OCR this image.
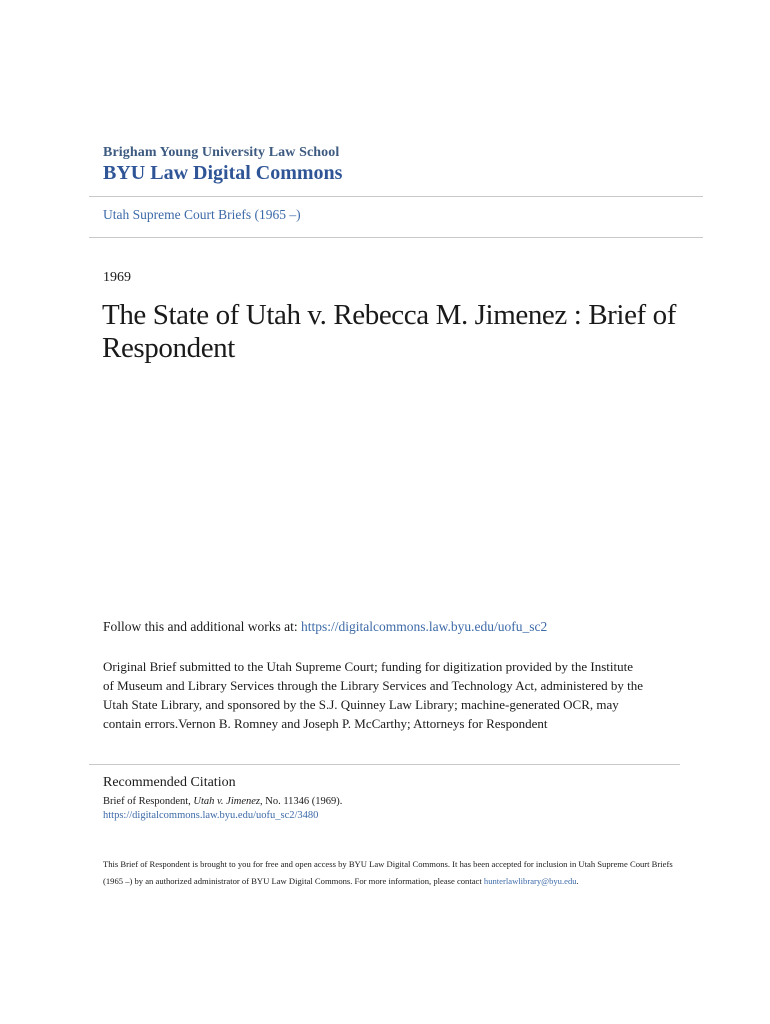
Brigham Young University Law School
BYU Law Digital Commons
Utah Supreme Court Briefs (1965 –)
1969
The State of Utah v. Rebecca M. Jimenez : Brief of Respondent
Follow this and additional works at: https://digitalcommons.law.byu.edu/uofu_sc2
Original Brief submitted to the Utah Supreme Court; funding for digitization provided by the Institute of Museum and Library Services through the Library Services and Technology Act, administered by the Utah State Library, and sponsored by the S.J. Quinney Law Library; machine-generated OCR, may contain errors.Vernon B. Romney and Joseph P. McCarthy; Attorneys for Respondent
Recommended Citation
Brief of Respondent, Utah v. Jimenez, No. 11346 (1969).
https://digitalcommons.law.byu.edu/uofu_sc2/3480
This Brief of Respondent is brought to you for free and open access by BYU Law Digital Commons. It has been accepted for inclusion in Utah Supreme Court Briefs (1965 –) by an authorized administrator of BYU Law Digital Commons. For more information, please contact hunterlawlibrary@byu.edu.
